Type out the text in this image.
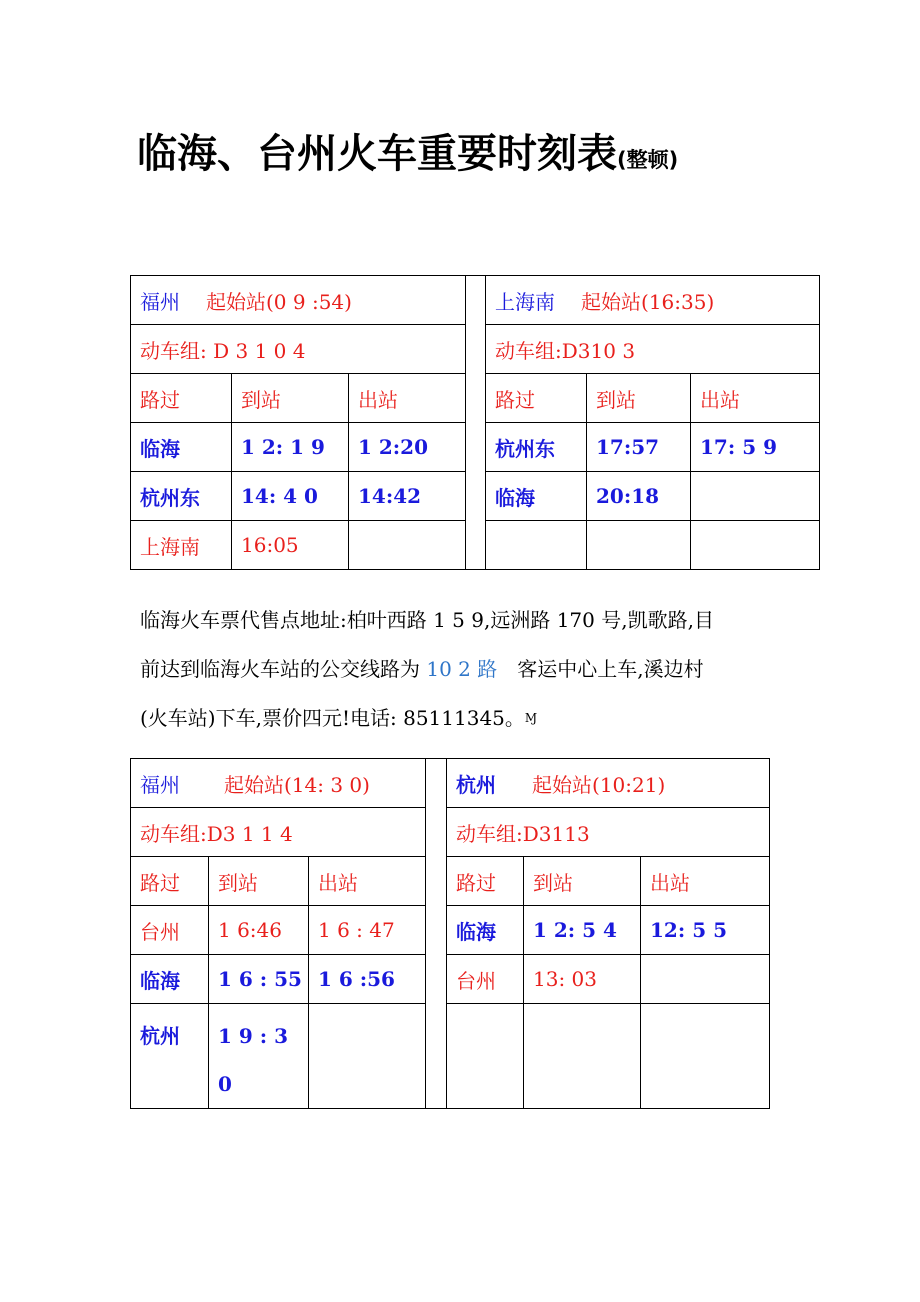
临海、台州火车重要时刻表(整顿)
福州 起始站(0 9 :54)				上海南 起始站(16:35)		
动车组: D 3 1 0 4				动车组:D310 3		
路过	到站	出站		路过	到站	出站
临海	1 2: 1 9	1 2:20		杭州东	17:57	17: 5 9
杭州东	14: 4 0	14:42		临海	20:18	
上海南	16:05					
临海火车票代售点地址:柏叶西路 1 5 9,远洲路 170 号,凯歌路,目
前达到临海火车站的公交线路为 10 2 路　客运中心上车,溪边村
(火车站)下车,票价四元!电话: 85111345。Ɱ
福州 起始站(14: 3 0)				杭州 起始站(10:21)		
动车组:D3 1 1 4				动车组:D3113		
路过	到站	出站		路过	到站	出站
台州	1 6:46	1 6 : 47		临海	1 2: 5 4	12: 5 5
临海	1 6 : 55	1 6 :56		台州	13: 03	
杭州	1 9 : 3 0					
